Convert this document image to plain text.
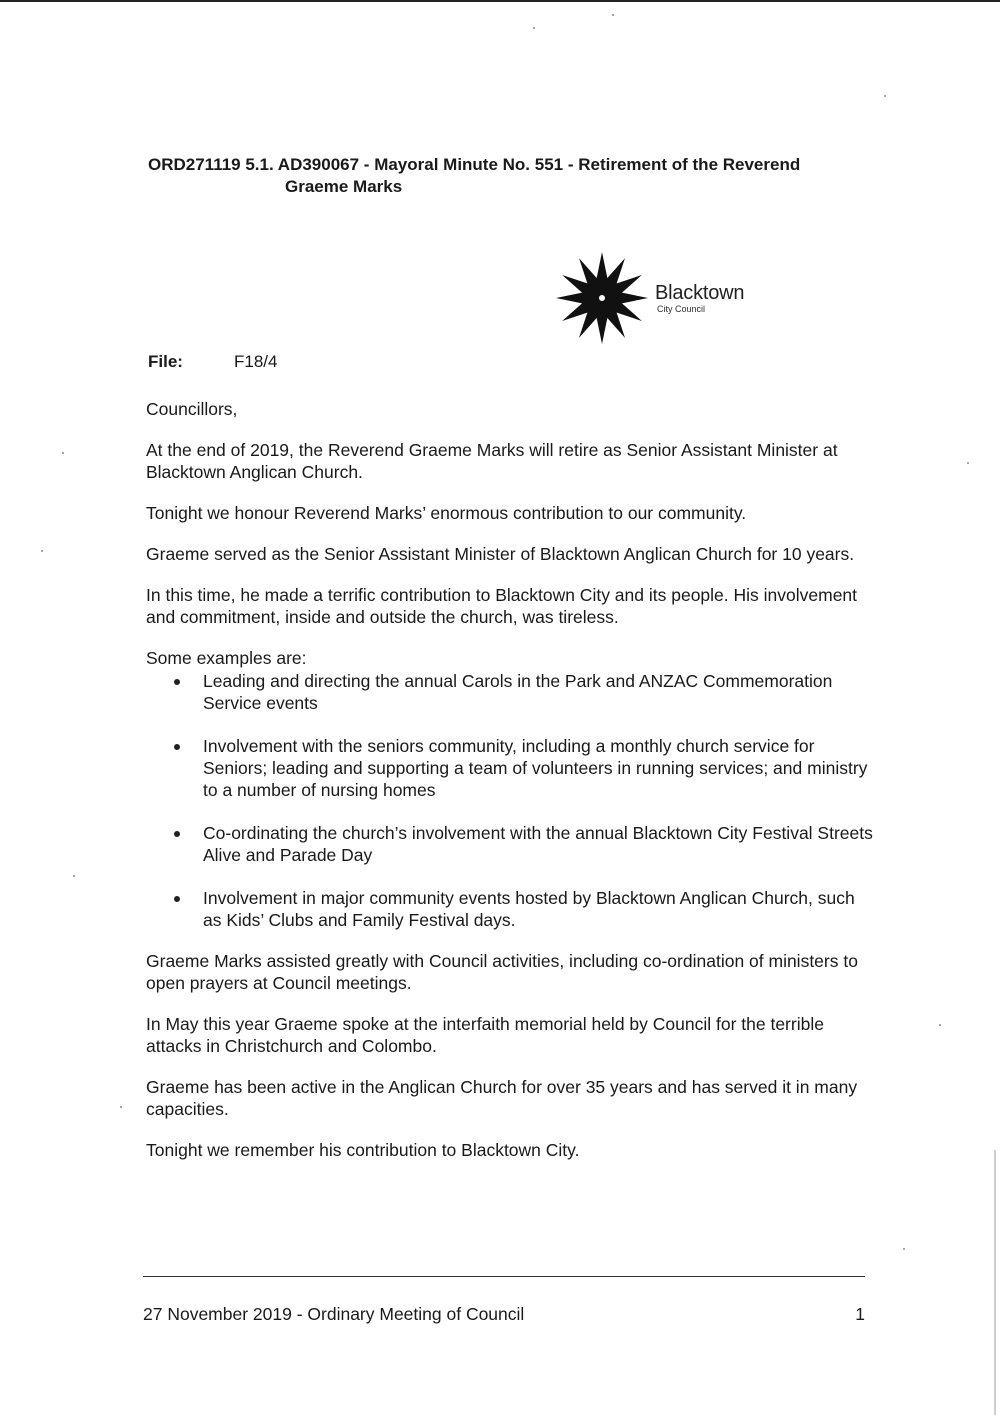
ORD271119 5.1. AD390067 - Mayoral Minute No. 551 - Retirement of the Reverend
Graeme Marks
Blacktown
City Council
File:	F18/4

Councillors,

At the end of 2019, the Reverend Graeme Marks will retire as Senior Assistant Minister at Blacktown Anglican Church.

Tonight we honour Reverend Marks’ enormous contribution to our community.

Graeme served as the Senior Assistant Minister of Blacktown Anglican Church for 10 years.

In this time, he made a terrific contribution to Blacktown City and its people. His involvement and commitment, inside and outside the church, was tireless.

Some examples are:

Leading and directing the annual Carols in the Park and ANZAC Commemoration Service events
Involvement with the seniors community, including a monthly church service for Seniors; leading and supporting a team of volunteers in running services; and ministry to a number of nursing homes
Co-ordinating the church’s involvement with the annual Blacktown City Festival Streets Alive and Parade Day
Involvement in major community events hosted by Blacktown Anglican Church, such as Kids’ Clubs and Family Festival days.

Graeme Marks assisted greatly with Council activities, including co-ordination of ministers to open prayers at Council meetings.

In May this year Graeme spoke at the interfaith memorial held by Council for the terrible attacks in Christchurch and Colombo.

Graeme has been active in the Anglican Church for over 35 years and has served it in many capacities.

Tonight we remember his contribution to Blacktown City.

27 November 2019 - Ordinary Meeting of Council	1
